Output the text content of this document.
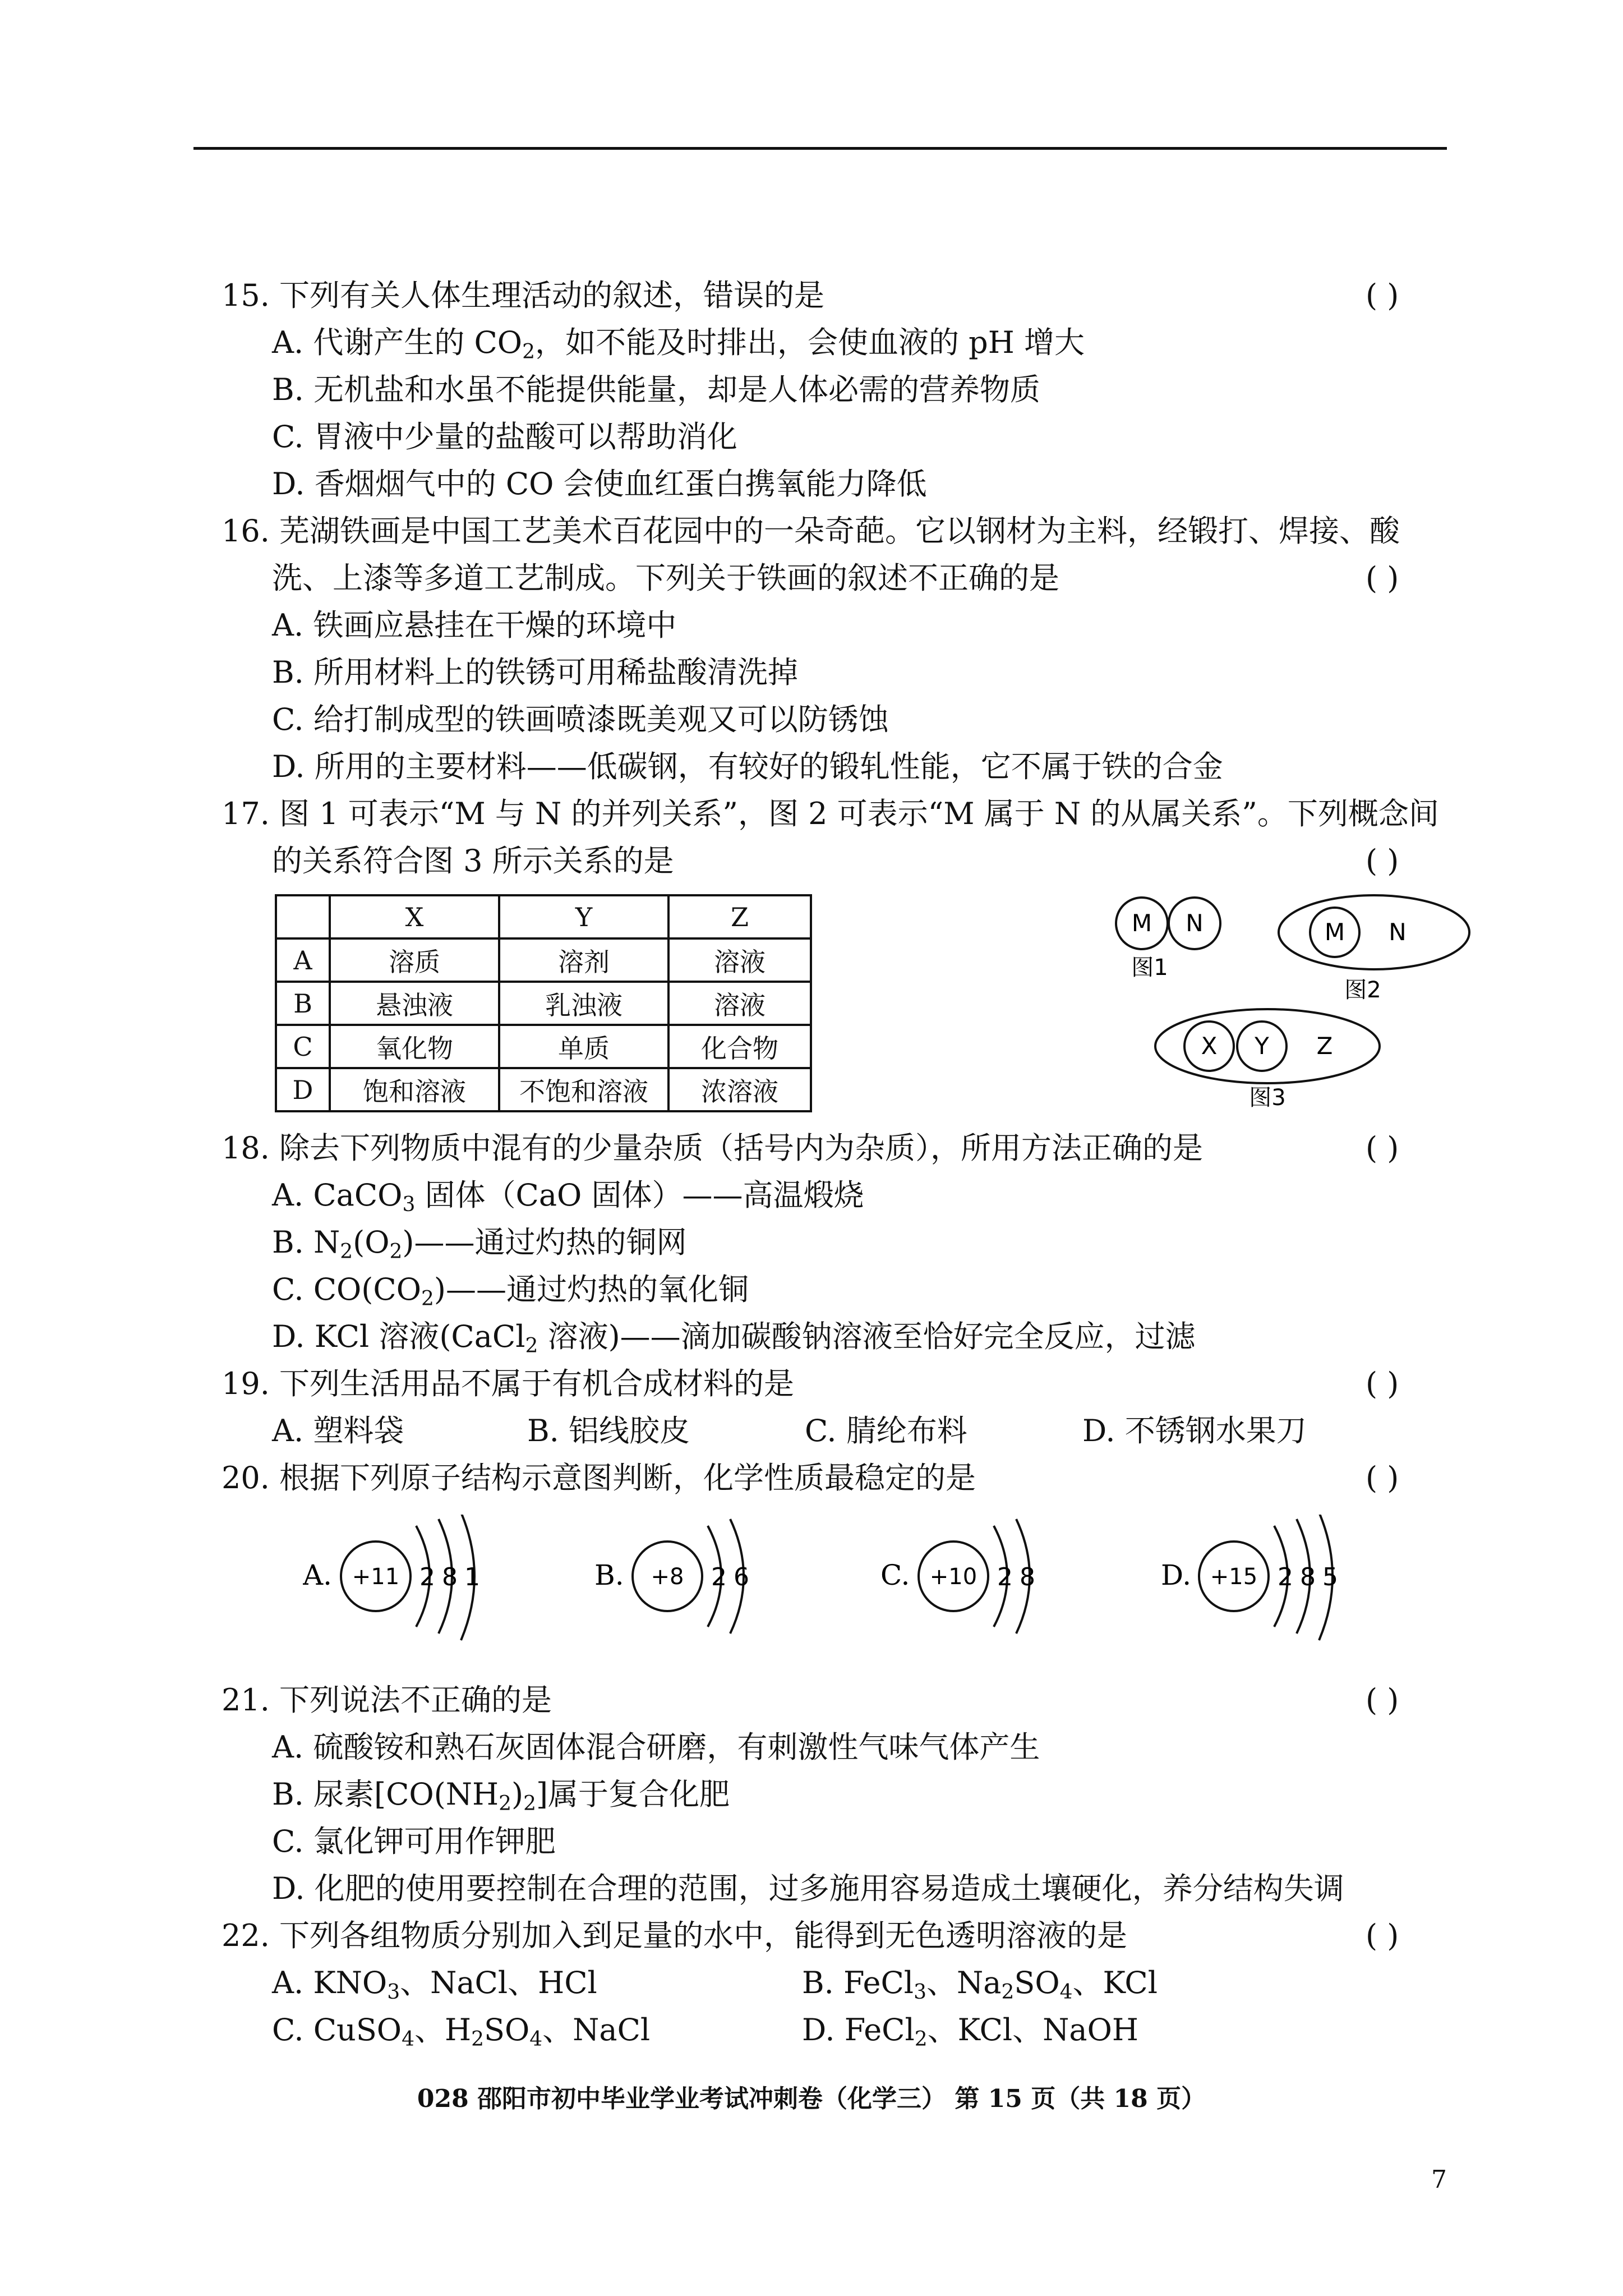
15. 下列有关人体生理活动的叙述，错误的是	( )
A. 代谢产生的 $CO_2$，如不能及时排出，会使血液的 pH 增大
B. 无机盐和水虽不能提供能量，却是人体必需的营养物质
C. 胃液中少量的盐酸可以帮助消化
D. 香烟烟气中的 CO 会使血红蛋白携氧能力降低
16. 芜湖铁画是中国工艺美术百花园中的一朵奇葩。它以钢材为主料，经锻打、焊接、酸
洗、上漆等多道工艺制成。下列关于铁画的叙述不正确的是	( )
A. 铁画应悬挂在干燥的环境中
B. 所用材料上的铁锈可用稀盐酸清洗掉
C. 给打制成型的铁画喷漆既美观又可以防锈蚀
D. 所用的主要材料——低碳钢，有较好的锻轧性能，它不属于铁的合金
17. 图 1 可表示“M 与 N 的并列关系”，图 2 可表示“M 属于 N 的从属关系”。下列概念间
的关系符合图 3 所示关系的是	( )
	X	Y	Z
A	溶质	溶剂	溶液
B	悬浊液	乳浊液	溶液
C	氧化物	单质	化合物
D	饱和溶液	不饱和溶液	浓溶液
M N
图1
M N
图2
X Y Z
图3
18. 除去下列物质中混有的少量杂质（括号内为杂质），所用方法正确的是	( )
A. CaCO$_3$ 固体（CaO 固体）——高温煅烧
B. $N_2(O_2)——$通过灼热的铜网
C. $CO(CO_2)——$通过灼热的氧化铜
D. KCl 溶液(CaCl$_2$ 溶液)——滴加碳酸钠溶液至恰好完全反应，过滤
19. 下列生活用品不属于有机合成材料的是	( )
A. 塑料袋	B. 铝线胶皮	C. 腈纶布料	D. 不锈钢水果刀
20. 根据下列原子结构示意图判断，化学性质最稳定的是	( )
A. +11 2 8 1	B. +8 2 6	C. +10 2 8	D. +15 2 8 5
21. 下列说法不正确的是	( )
A. 硫酸铵和熟石灰固体混合研磨，有刺激性气味气体产生
B. 尿素$[CO(NH_2)_2]$属于复合化肥
C. 氯化钾可用作钾肥
D. 化肥的使用要控制在合理的范围，过多施用容易造成土壤硬化，养分结构失调
22. 下列各组物质分别加入到足量的水中，能得到无色透明溶液的是	( )
A. $KNO_3$、NaCl、HCl	B. FeCl$_3$、$Na_2SO_4$、KCl
C. CuSO$_4$、$H_2SO_4$、NaCl	D. FeCl$_2$、KCl、NaOH
028 邵阳市初中毕业学业考试冲刺卷（化学三） 第 15 页（共 18 页）
7
